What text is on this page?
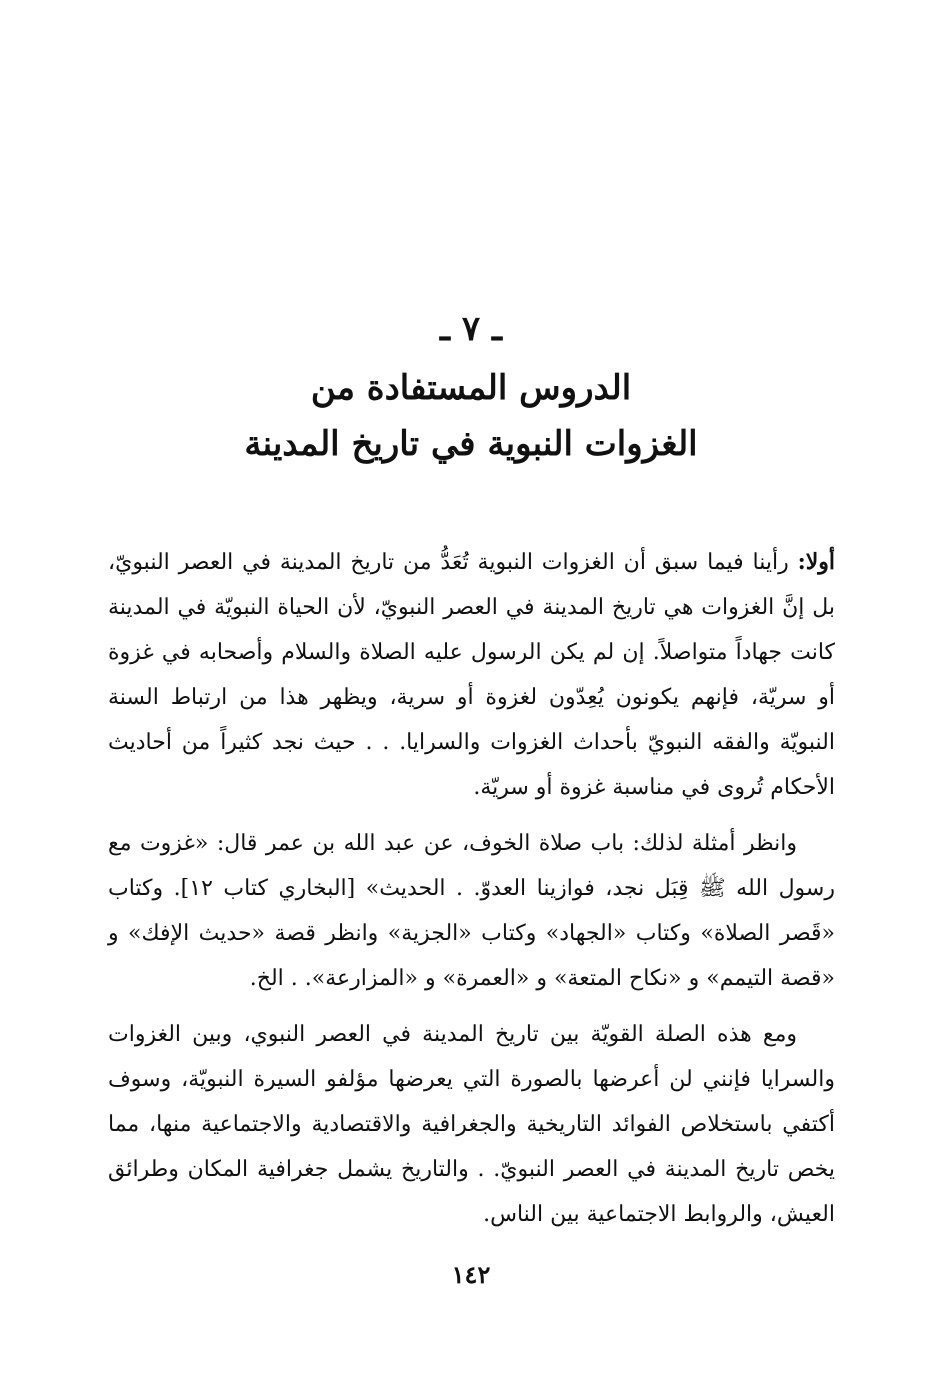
ـ ٧ ـ
الدروس المستفادة من
الغزوات النبوية في تاريخ المدينة

أولا: رأينا فيما سبق أن الغزوات النبوية تُعَدُّ من تاريخ المدينة في العصر النبويّ، بل إنَّ الغزوات هي تاريخ المدينة في العصر النبويّ، لأن الحياة النبويّة في المدينة كانت جهاداً متواصلاً. إن لم يكن الرسول عليه الصلاة والسلام وأصحابه في غزوة أو سريّة، فإنهم يكونون يُعِدّون لغزوة أو سرية، ويظهر هذا من ارتباط السنة النبويّة والفقه النبويّ بأحداث الغزوات والسرايا. . . حيث نجد كثيراً من أحاديث الأحكام تُروى في مناسبة غزوة أو سريّة.

وانظر أمثلة لذلك: باب صلاة الخوف، عن عبد الله بن عمر قال: «غزوت مع رسول الله ﷺ قِبَل نجد، فوازينا العدوّ. . الحديث» [البخاري كتاب ١٢]. وكتاب «قَصر الصلاة» وكتاب «الجهاد» وكتاب «الجزية» وانظر قصة «حديث الإفك» و «قصة التيمم» و «نكاح المتعة» و «العمرة» و «المزارعة». . الخ.

ومع هذه الصلة القويّة بين تاريخ المدينة في العصر النبوي، وبين الغزوات والسرايا فإنني لن أعرضها بالصورة التي يعرضها مؤلفو السيرة النبويّة، وسوف أكتفي باستخلاص الفوائد التاريخية والجغرافية والاقتصادية والاجتماعية منها، مما يخص تاريخ المدينة في العصر النبويّ. . والتاريخ يشمل جغرافية المكان وطرائق العيش، والروابط الاجتماعية بين الناس.

١٤٢
